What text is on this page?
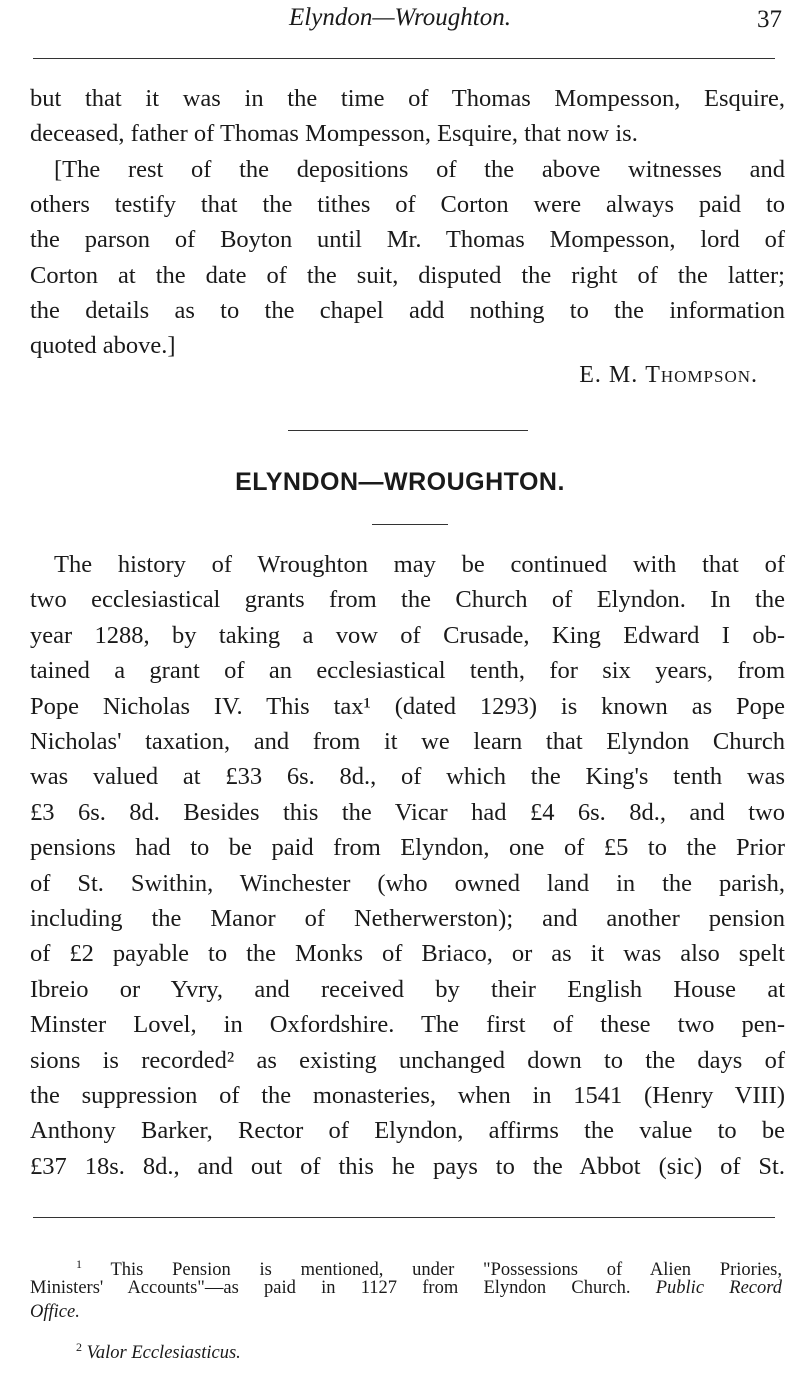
Elyndon—Wroughton.	37
but that it was in the time of Thomas Mompesson, Esquire,
deceased, father of Thomas Mompesson, Esquire, that now is.
[The rest of the depositions of the above witnesses and
others testify that the tithes of Corton were always paid to
the parson of Boyton until Mr. Thomas Mompesson, lord of
Corton at the date of the suit, disputed the right of the latter;
the details as to the chapel add nothing to the information
quoted above.]
E. M. Thompson.
ELYNDON—WROUGHTON.
The history of Wroughton may be continued with that of
two ecclesiastical grants from the Church of Elyndon. In the
year 1288, by taking a vow of Crusade, King Edward I ob-
tained a grant of an ecclesiastical tenth, for six years, from
Pope Nicholas IV. This tax¹ (dated 1293) is known as Pope
Nicholas' taxation, and from it we learn that Elyndon Church
was valued at £33 6s. 8d., of which the King's tenth was
£3 6s. 8d. Besides this the Vicar had £4 6s. 8d., and two
pensions had to be paid from Elyndon, one of £5 to the Prior
of St. Swithin, Winchester (who owned land in the parish,
including the Manor of Netherwerston); and another pension
of £2 payable to the Monks of Briaco, or as it was also spelt
Ibreio or Yvry, and received by their English House at
Minster Lovel, in Oxfordshire. The first of these two pen-
sions is recorded² as existing unchanged down to the days of
the suppression of the monasteries, when in 1541 (Henry VIII)
Anthony Barker, Rector of Elyndon, affirms the value to be
£37 18s. 8d., and out of this he pays to the Abbot (sic) of St.
$^1$ This Pension is mentioned, under "Possessions of Alien Priories,
Ministers' Accounts"—as paid in 1127 from Elyndon Church. Public Record
Office.
$^2$ Valor Ecclesiasticus.
